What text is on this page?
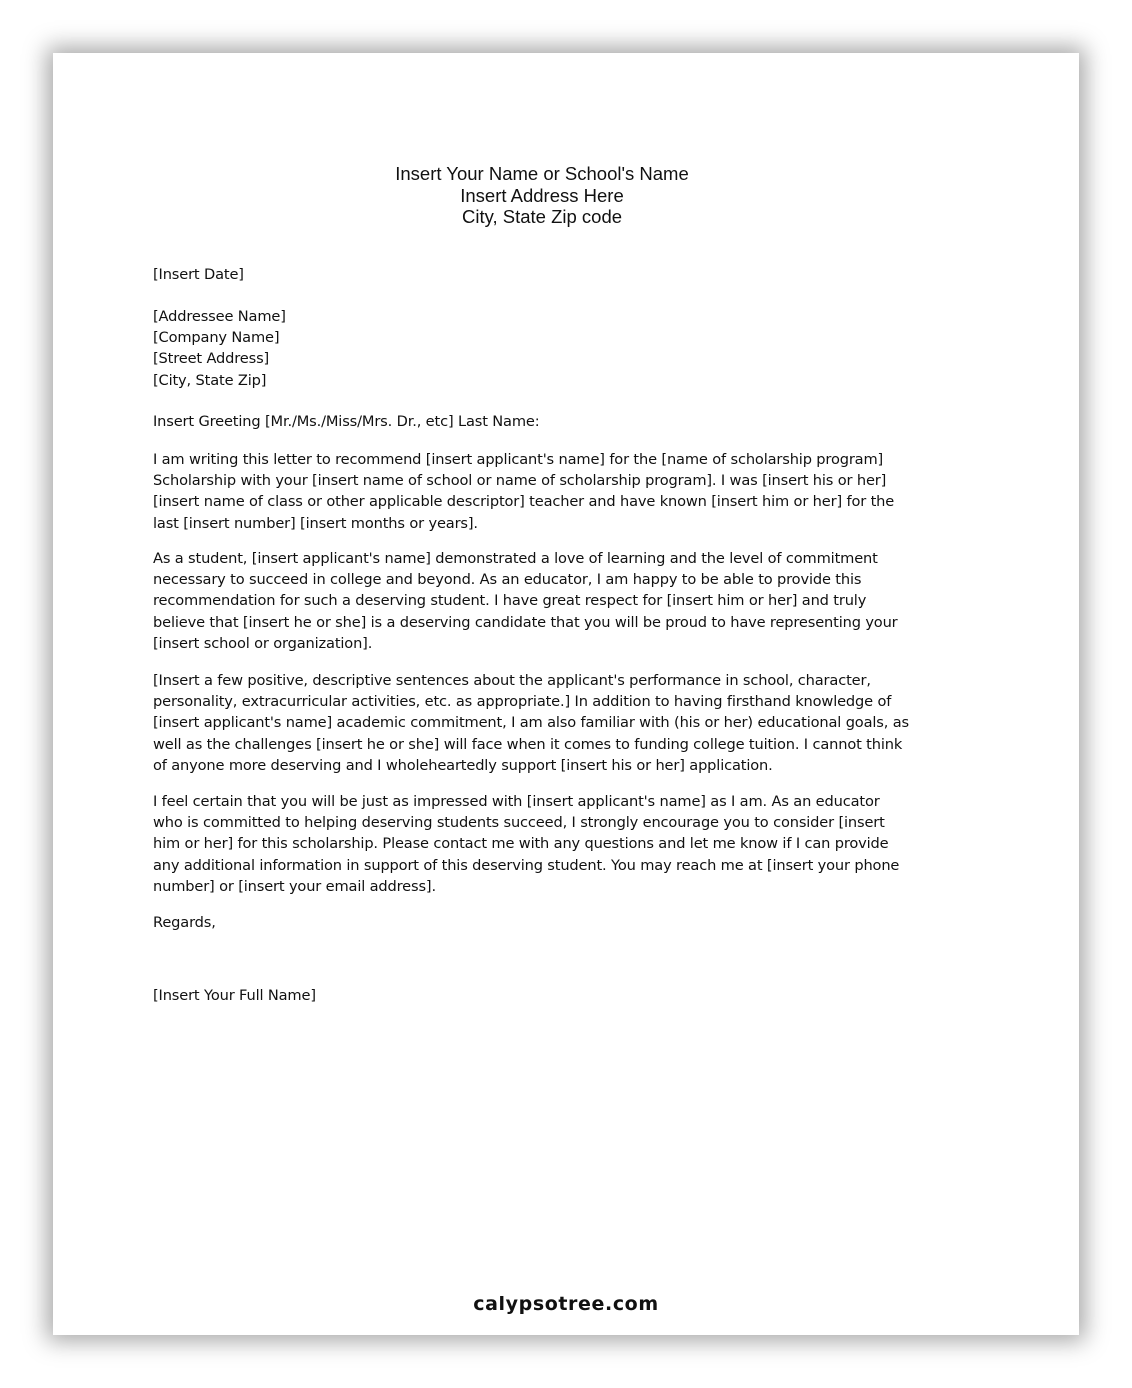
Insert Your Name or School's Name
Insert Address Here
City, State Zip code
[Insert Date]
[Addressee Name]
[Company Name]
[Street Address]
[City, State Zip]
Insert Greeting [Mr./Ms./Miss/Mrs. Dr., etc] Last Name:
I am writing this letter to recommend [insert applicant's name] for the [name of scholarship program]
Scholarship with your [insert name of school or name of scholarship program]. I was [insert his or her]
[insert name of class or other applicable descriptor] teacher and have known [insert him or her] for the
last [insert number] [insert months or years].
As a student, [insert applicant's name] demonstrated a love of learning and the level of commitment
necessary to succeed in college and beyond. As an educator, I am happy to be able to provide this
recommendation for such a deserving student. I have great respect for [insert him or her] and truly
believe that [insert he or she] is a deserving candidate that you will be proud to have representing your
[insert school or organization].
[Insert a few positive, descriptive sentences about the applicant's performance in school, character,
personality, extracurricular activities, etc. as appropriate.] In addition to having firsthand knowledge of
[insert applicant's name] academic commitment, I am also familiar with (his or her) educational goals, as
well as the challenges [insert he or she] will face when it comes to funding college tuition. I cannot think
of anyone more deserving and I wholeheartedly support [insert his or her] application.
I feel certain that you will be just as impressed with [insert applicant's name] as I am. As an educator
who is committed to helping deserving students succeed, I strongly encourage you to consider [insert
him or her] for this scholarship. Please contact me with any questions and let me know if I can provide
any additional information in support of this deserving student. You may reach me at [insert your phone
number] or [insert your email address].
Regards,
[Insert Your Full Name]
calypsotree.com
